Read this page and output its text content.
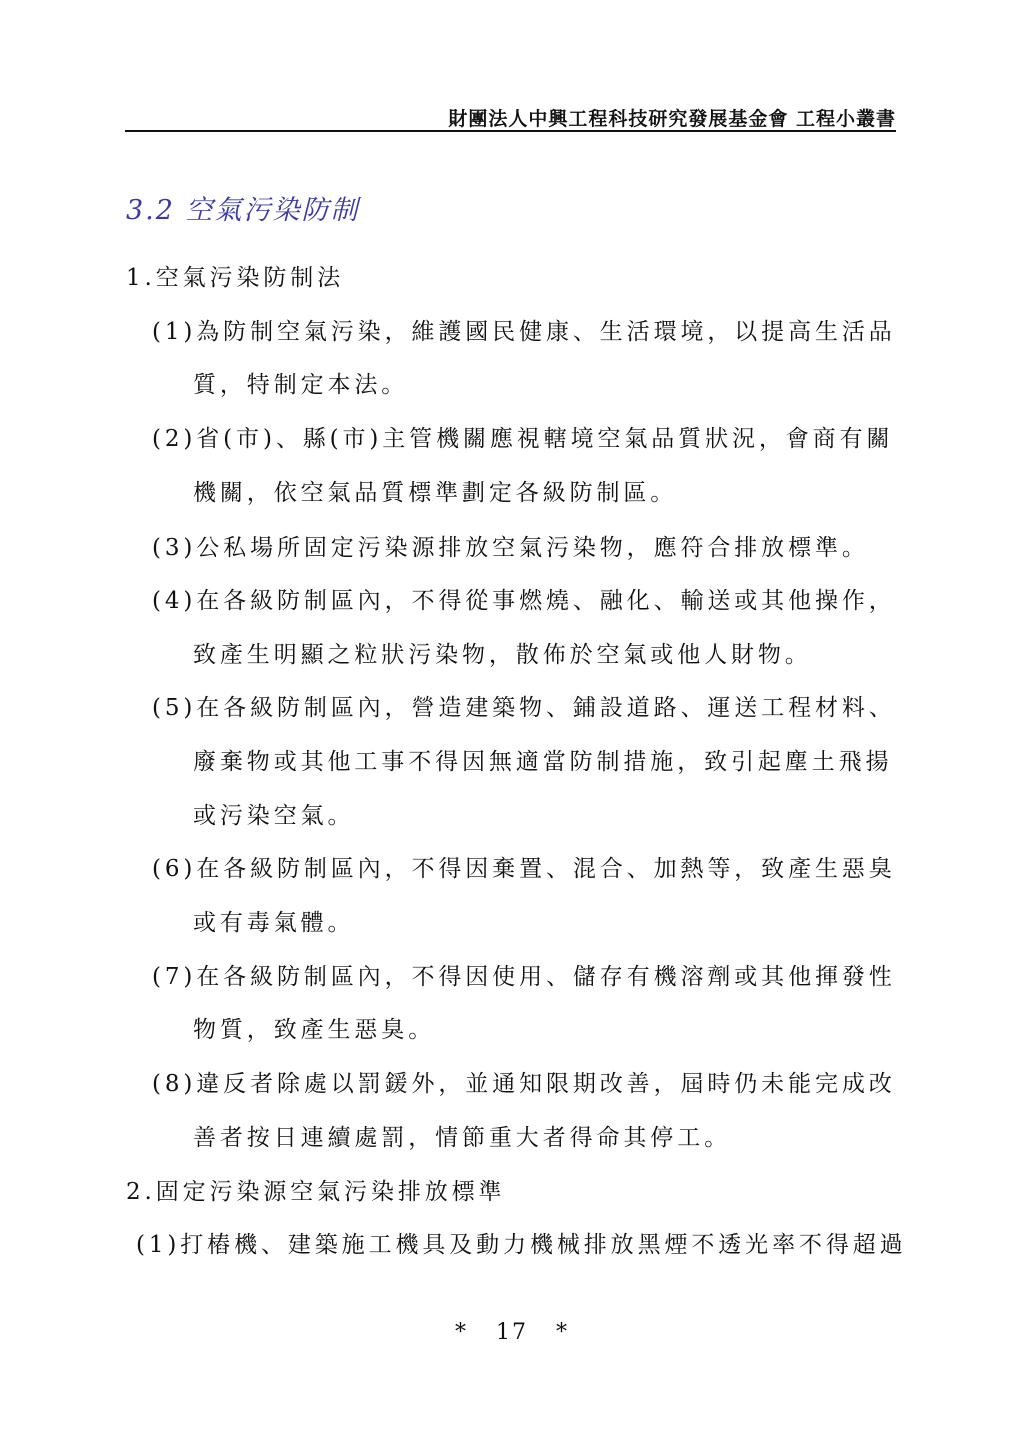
財團法人中興工程科技研究發展基金會 工程小叢書
3.2 空氣污染防制
1.空氣污染防制法
(1)為防制空氣污染，維護國民健康、生活環境，以提高生活品
質，特制定本法。
(2)省(市)、縣(市)主管機關應視轄境空氣品質狀況，會商有關
機關，依空氣品質標準劃定各級防制區。
(3)公私場所固定污染源排放空氣污染物，應符合排放標準。
(4)在各級防制區內，不得從事燃燒、融化、輸送或其他操作，
致產生明顯之粒狀污染物，散佈於空氣或他人財物。
(5)在各級防制區內，營造建築物、鋪設道路、運送工程材料、
廢棄物或其他工事不得因無適當防制措施，致引起塵土飛揚
或污染空氣。
(6)在各級防制區內，不得因棄置、混合、加熱等，致產生惡臭
或有毒氣體。
(7)在各級防制區內，不得因使用、儲存有機溶劑或其他揮發性
物質，致產生惡臭。
(8)違反者除處以罰鍰外，並通知限期改善，屆時仍未能完成改
善者按日連續處罰，情節重大者得命其停工。
2.固定污染源空氣污染排放標準
(1)打樁機、建築施工機具及動力機械排放黑煙不透光率不得超過
* 17 *
